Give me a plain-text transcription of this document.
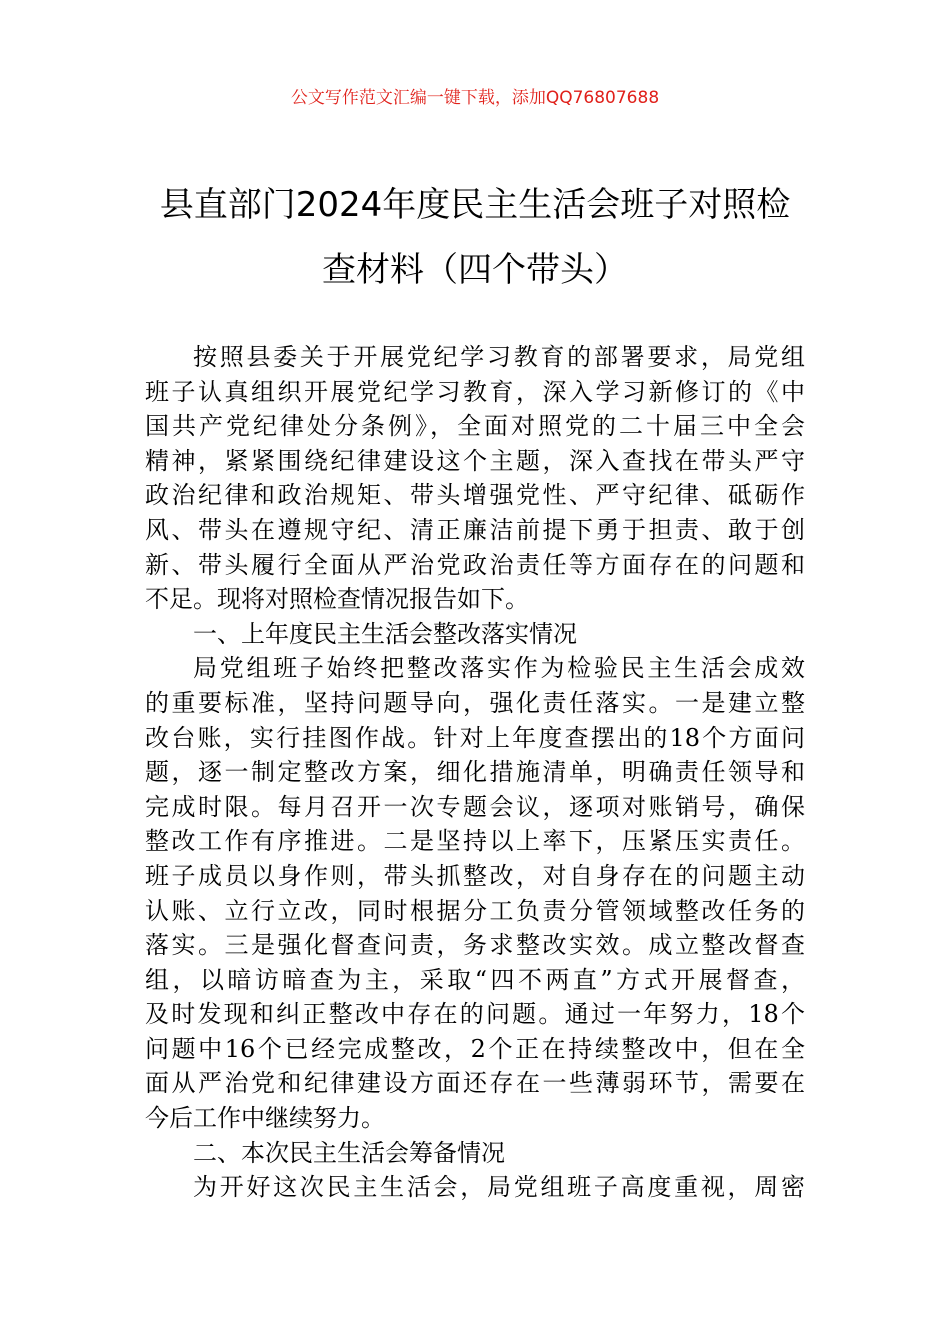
公文写作范文汇编一键下载，添加QQ76807688
县直部门2024年度民主生活会班子对照检
查材料（四个带头）
按照县委关于开展党纪学习教育的部署要求，局党组
班子认真组织开展党纪学习教育，深入学习新修订的《中
国共产党纪律处分条例》，全面对照党的二十届三中全会
精神，紧紧围绕纪律建设这个主题，深入查找在带头严守
政治纪律和政治规矩、带头增强党性、严守纪律、砥砺作
风、带头在遵规守纪、清正廉洁前提下勇于担责、敢于创
新、带头履行全面从严治党政治责任等方面存在的问题和
不足。现将对照检查情况报告如下。
一、上年度民主生活会整改落实情况
局党组班子始终把整改落实作为检验民主生活会成效
的重要标准，坚持问题导向，强化责任落实。一是建立整
改台账，实行挂图作战。针对上年度查摆出的18个方面问
题，逐一制定整改方案，细化措施清单，明确责任领导和
完成时限。每月召开一次专题会议，逐项对账销号，确保
整改工作有序推进。二是坚持以上率下，压紧压实责任。
班子成员以身作则，带头抓整改，对自身存在的问题主动
认账、立行立改，同时根据分工负责分管领域整改任务的
落实。三是强化督查问责，务求整改实效。成立整改督查
组，以暗访暗查为主，采取“四不两直”方式开展督查，
及时发现和纠正整改中存在的问题。通过一年努力，18个
问题中16个已经完成整改，2个正在持续整改中，但在全
面从严治党和纪律建设方面还存在一些薄弱环节，需要在
今后工作中继续努力。
二、本次民主生活会筹备情况
为开好这次民主生活会，局党组班子高度重视，周密
